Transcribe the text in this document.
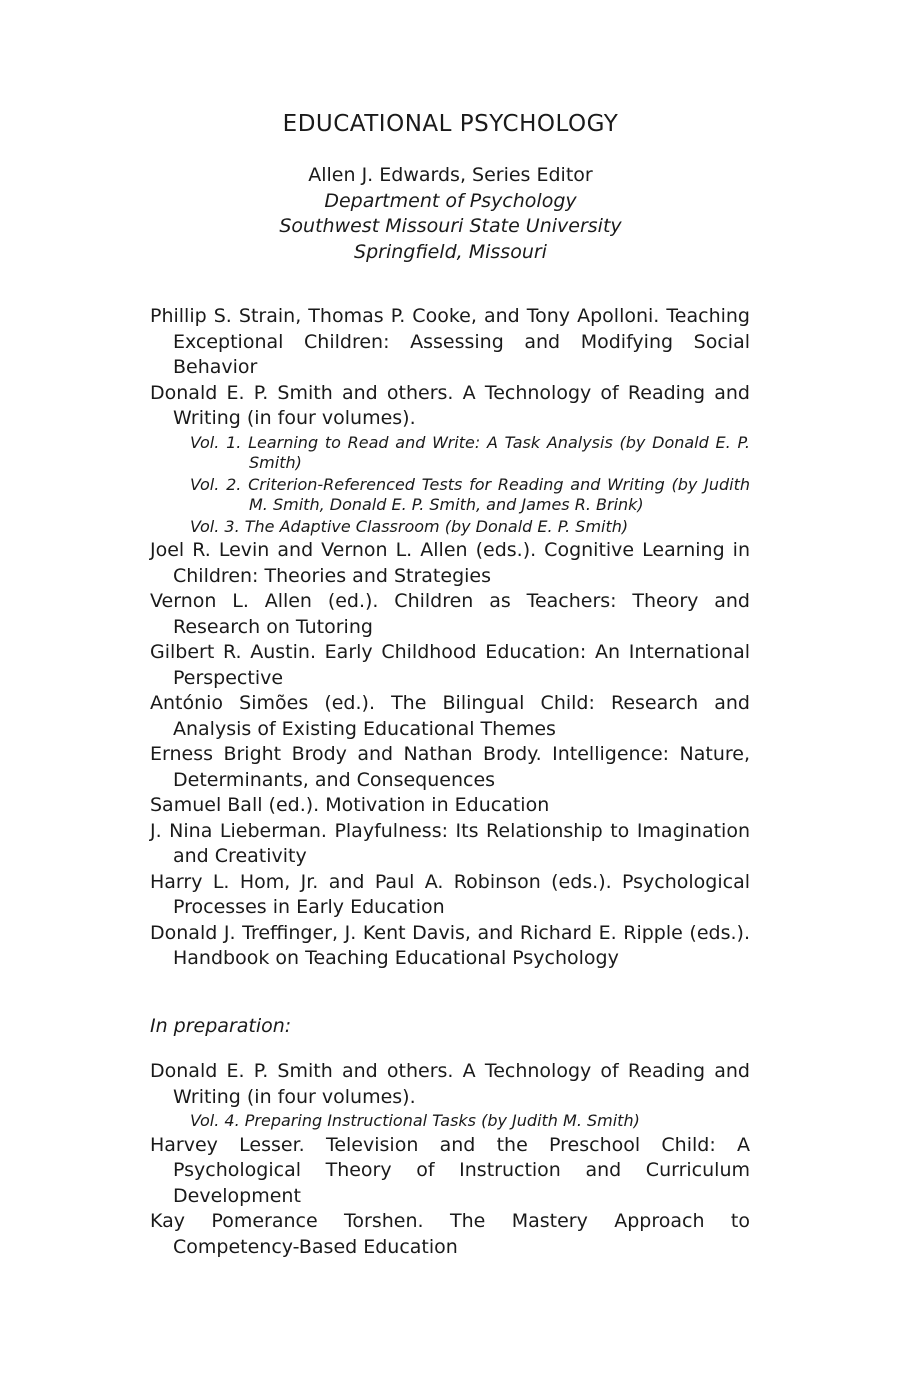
EDUCATIONAL PSYCHOLOGY
Allen J. Edwards, Series Editor
Department of Psychology
Southwest Missouri State University
Springfield, Missouri
Phillip S. Strain, Thomas P. Cooke, and Tony Apolloni. Teaching Exceptional Children: Assessing and Modifying Social Behavior
Donald E. P. Smith and others. A Technology of Reading and Writing (in four volumes).
Vol. 1. Learning to Read and Write: A Task Analysis (by Donald E. P. Smith)
Vol. 2. Criterion-Referenced Tests for Reading and Writing (by Judith M. Smith, Donald E. P. Smith, and James R. Brink)
Vol. 3. The Adaptive Classroom (by Donald E. P. Smith)
Joel R. Levin and Vernon L. Allen (eds.). Cognitive Learning in Children: Theories and Strategies
Vernon L. Allen (ed.). Children as Teachers: Theory and Research on Tutoring
Gilbert R. Austin. Early Childhood Education: An International Perspective
António Simões (ed.). The Bilingual Child: Research and Analysis of Existing Educational Themes
Erness Bright Brody and Nathan Brody. Intelligence: Nature, Determinants, and Consequences
Samuel Ball (ed.). Motivation in Education
J. Nina Lieberman. Playfulness: Its Relationship to Imagination and Creativity
Harry L. Hom, Jr. and Paul A. Robinson (eds.). Psychological Processes in Early Education
Donald J. Treffinger, J. Kent Davis, and Richard E. Ripple (eds.). Handbook on Teaching Educational Psychology
In preparation:
Donald E. P. Smith and others. A Technology of Reading and Writing (in four volumes).
Vol. 4. Preparing Instructional Tasks (by Judith M. Smith)
Harvey Lesser. Television and the Preschool Child: A Psychological Theory of Instruction and Curriculum Development
Kay Pomerance Torshen. The Mastery Approach to Competency-Based Education
